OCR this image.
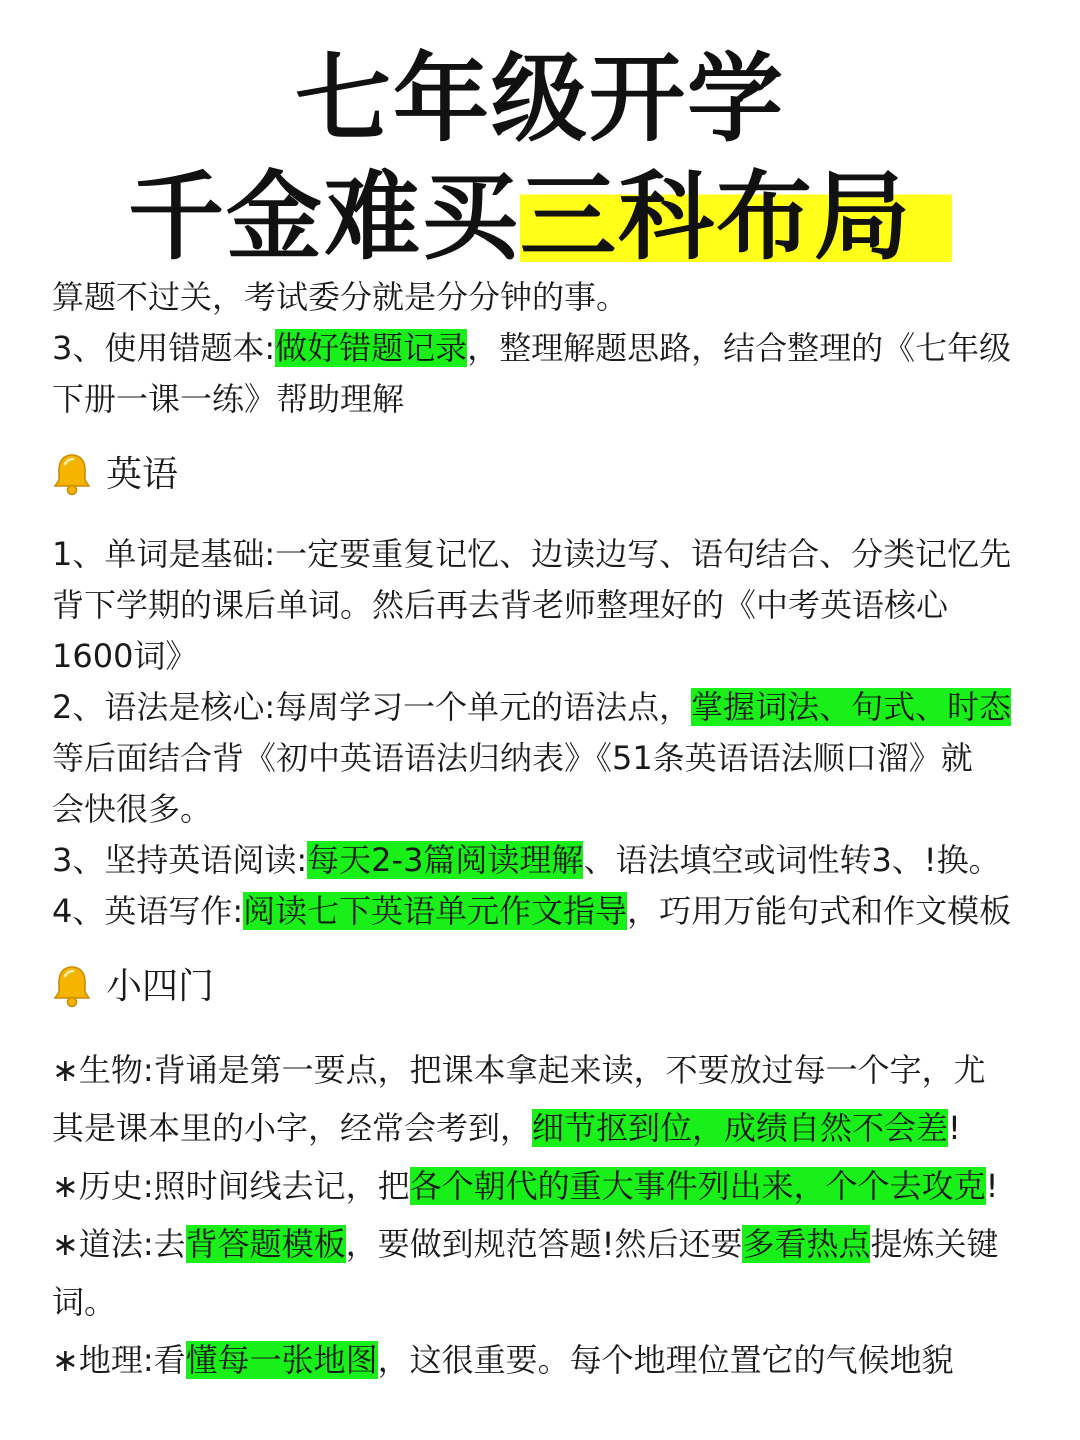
七年级开学
千金难买三科布局

算题不过关，考试委分就是分分钟的事。

3、使用错题本:做好错题记录，整理解题思路，结合整理的《七年级

下册一课一练》帮助理解

英语

1、单词是基础:一定要重复记忆、边读边写、语句结合、分类记忆先

背下学期的课后单词。然后再去背老师整理好的《中考英语核心

1600词》

2、语法是核心:每周学习一个单元的语法点，掌握词法、句式、时态

等后面结合背《初中英语语法归纳表》《51条英语语法顺口溜》就

会快很多。

3、坚持英语阅读:每天2-3篇阅读理解、语法填空或词性转3、!换。

4、英语写作:阅读七下英语单元作文指导，巧用万能句式和作文模板

小四门

∗生物:背诵是第一要点，把课本拿起来读，不要放过每一个字，尤

其是课本里的小字，经常会考到，细节抠到位，成绩自然不会差!

∗历史:照时间线去记，把各个朝代的重大事件列出来，个个去攻克!

∗道法:去背答题模板，要做到规范答题!然后还要多看热点提炼关键

词。

∗地理:看懂每一张地图，这很重要。每个地理位置它的气候地貌
